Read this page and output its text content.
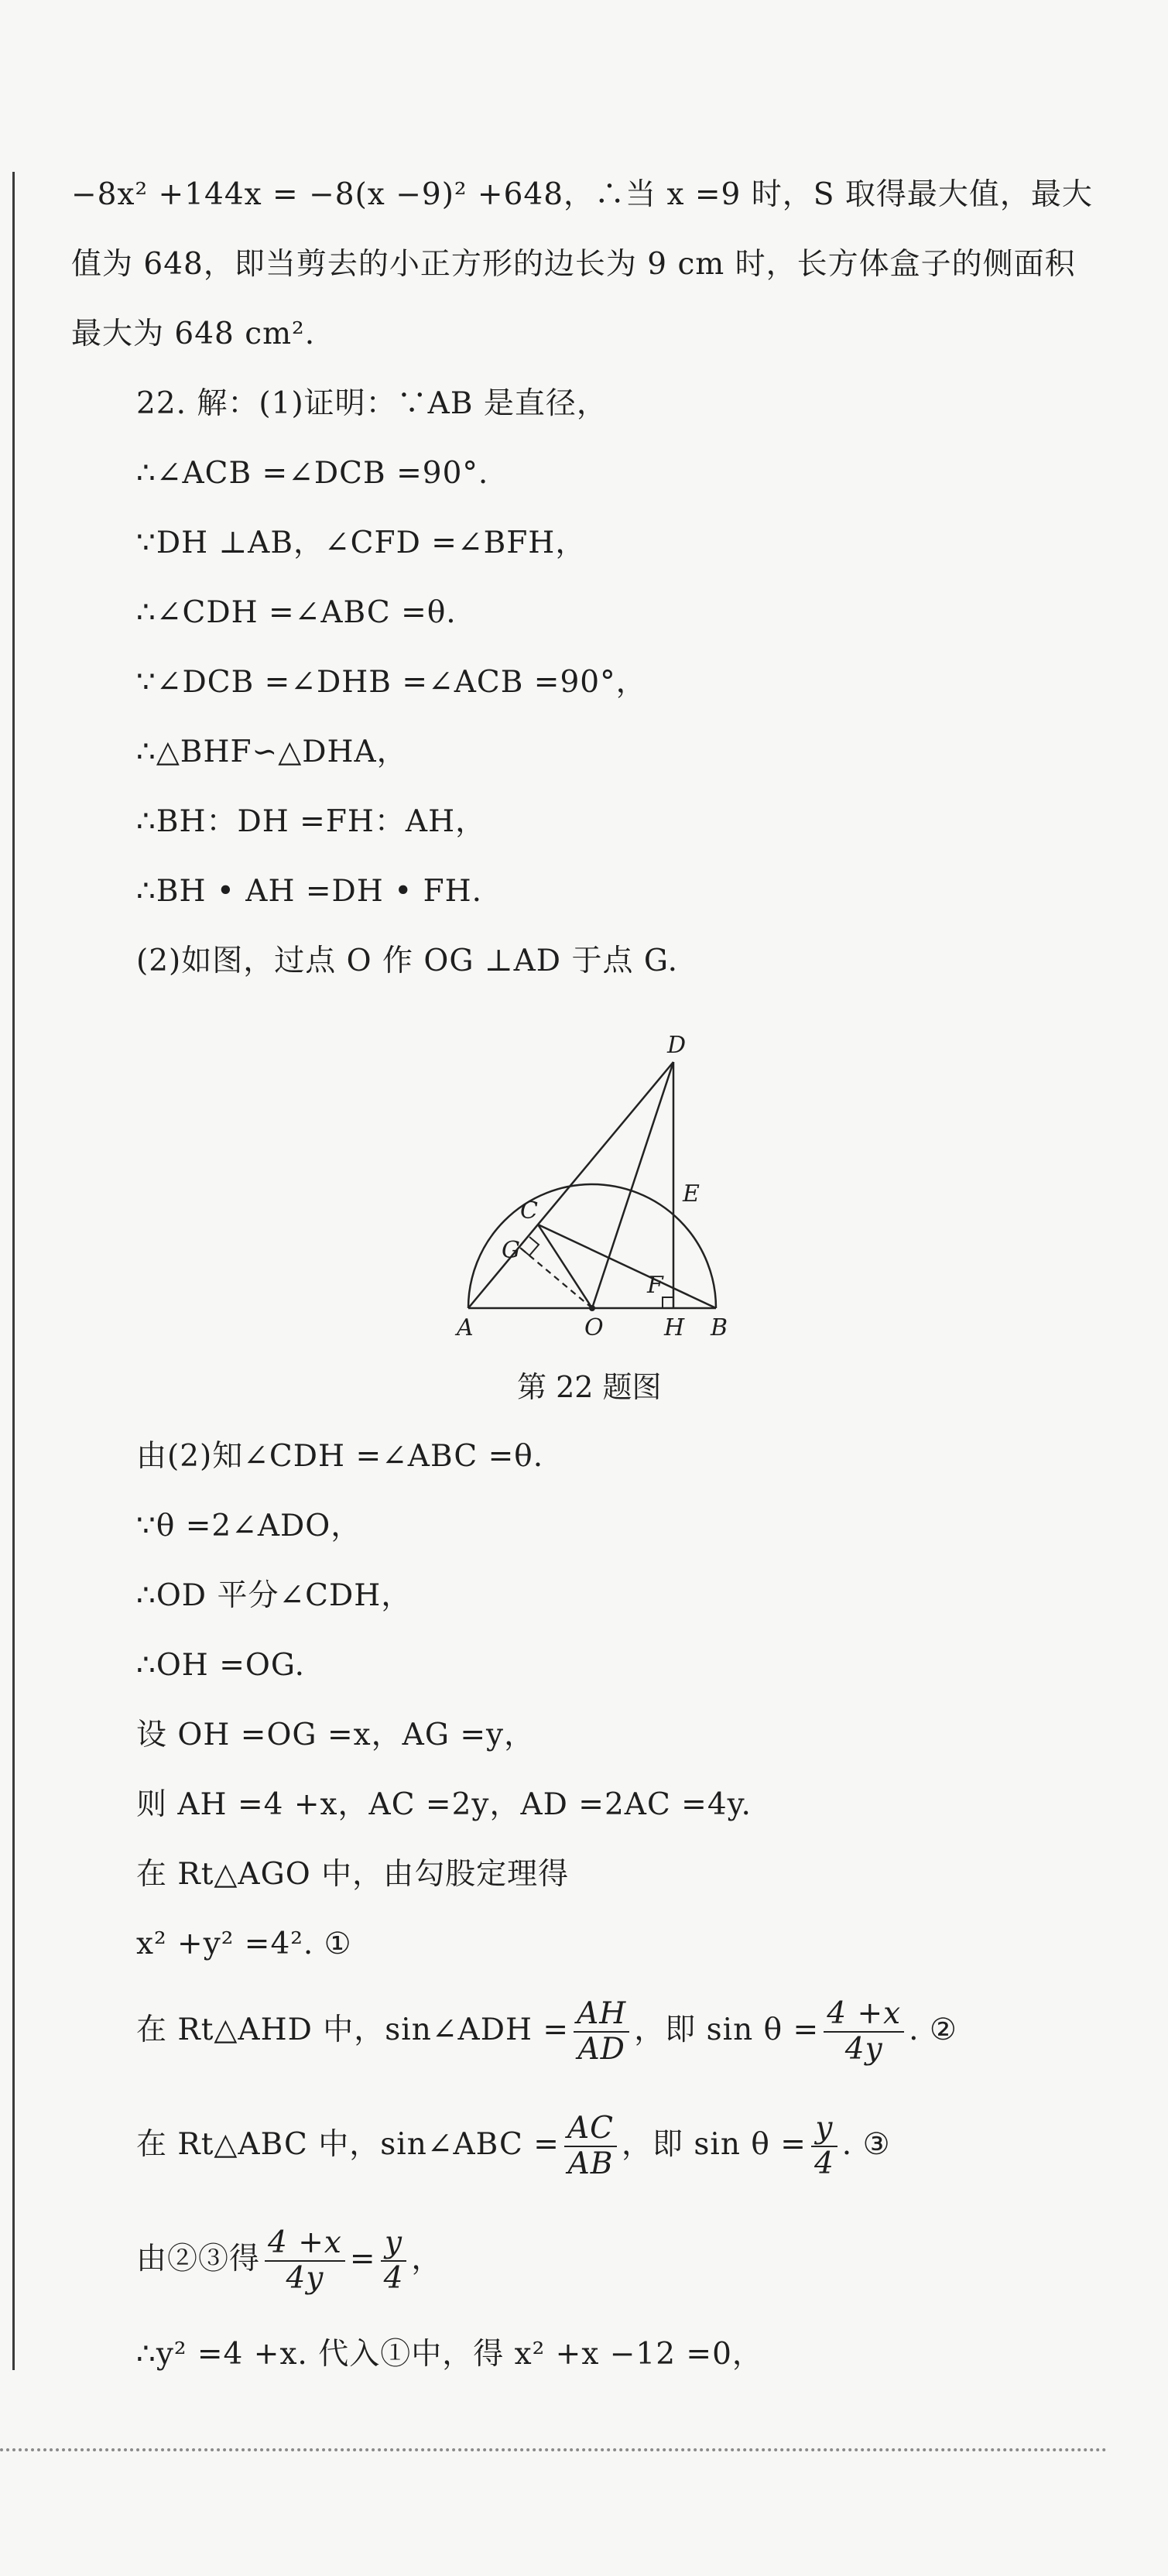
−8x² +144x = −8(x −9)² +648，∴当 x =9 时，S 取得最大值，最大
值为 648，即当剪去的小正方形的边长为 9 cm 时，长方体盒子的侧面积
最大为 648 cm².
22. 解：(1)证明：∵AB 是直径，
∴∠ACB =∠DCB =90°.
∵DH ⊥AB，∠CFD =∠BFH，
∴∠CDH =∠ABC =θ.
∵∠DCB =∠DHB =∠ACB =90°，
∴△BHF∽△DHA，
∴BH：DH =FH：AH，
∴BH • AH =DH • FH.
(2)如图，过点 O 作 OG ⊥AD 于点 G.
D
C
E
G
F
A	O	H B
第 22 题图
由(2)知∠CDH =∠ABC =θ.
∵θ =2∠ADO，
∴OD 平分∠CDH，
∴OH =OG.
设 OH =OG =x，AG =y，
则 AH =4 +x，AC =2y，AD =2AC =4y.
在 Rt△AGO 中，由勾股定理得
x² +y² =4². ①
在 Rt△AHD 中，sin∠ADH = $\frac{AH}{AD}$ ，即 $\sin \theta = \frac{4 +x}{4y}$ . ②
在 Rt△ABC 中，sin∠ABC = $\frac{AC}{AB}$ ，即 $\sin \theta = \frac{y}{4}$ . ③
由②③得 $\frac{4 +x}{4y} = \frac{y}{4}$ ，
∴y² =4 +x. 代入①中，得 x² +x −12 =0，
